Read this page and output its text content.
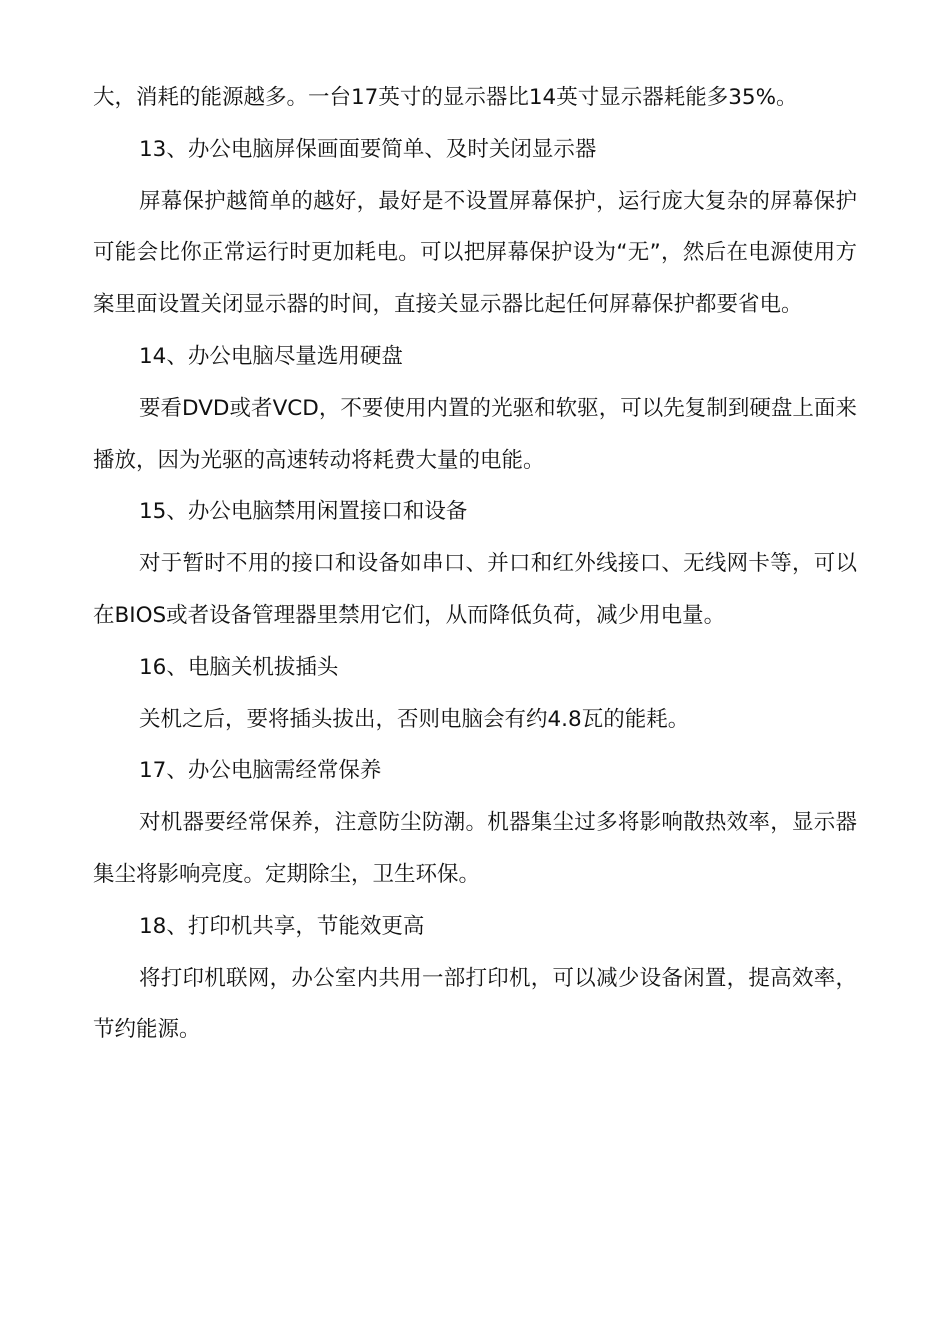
大，消耗的能源越多。一台17英寸的显示器比14英寸显示器耗能多35%。

13、办公电脑屏保画面要简单、及时关闭显示器

屏幕保护越简单的越好，最好是不设置屏幕保护，运行庞大复杂的屏幕保护可能会比你正常运行时更加耗电。可以把屏幕保护设为“无”，然后在电源使用方案里面设置关闭显示器的时间，直接关显示器比起任何屏幕保护都要省电。

14、办公电脑尽量选用硬盘

要看DVD或者VCD，不要使用内置的光驱和软驱，可以先复制到硬盘上面来播放，因为光驱的高速转动将耗费大量的电能。

15、办公电脑禁用闲置接口和设备

对于暂时不用的接口和设备如串口、并口和红外线接口、无线网卡等，可以在BIOS或者设备管理器里禁用它们，从而降低负荷，减少用电量。

16、电脑关机拔插头

关机之后，要将插头拔出，否则电脑会有约4.8瓦的能耗。

17、办公电脑需经常保养

对机器要经常保养，注意防尘防潮。机器集尘过多将影响散热效率，显示器集尘将影响亮度。定期除尘，卫生环保。

18、打印机共享，节能效更高

将打印机联网，办公室内共用一部打印机，可以减少设备闲置，提高效率，节约能源。
